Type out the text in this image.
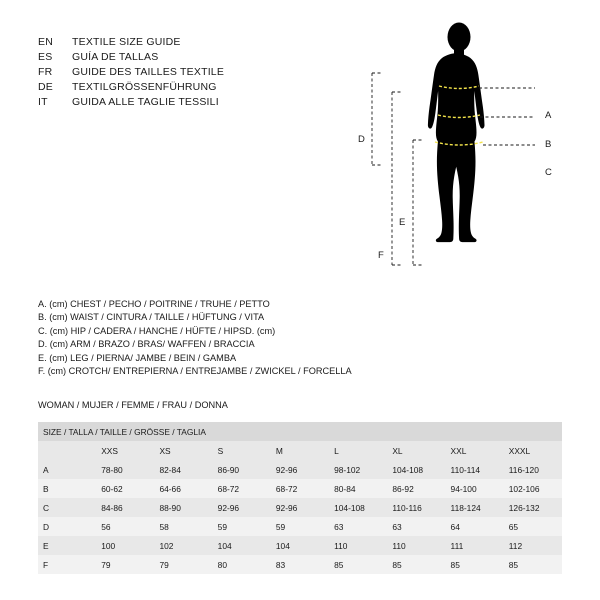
EN	TEXTILE SIZE GUIDE
ES	GUÍA DE TALLAS
FR	GUIDE DES TAILLES TEXTILE
DE	TEXTILGRÖSSENFÜHRUNG
IT	GUIDA ALLE TAGLIE TESSILI
A
B
C
D
E
F
A. (cm) CHEST / PECHO / POITRINE / TRUHE / PETTO
B. (cm) WAIST / CINTURA / TAILLE / HÜFTUNG / VITA
C. (cm) HIP / CADERA / HANCHE / HÜFTE / HIPSD. (cm)
D. (cm) ARM / BRAZO / BRAS/ WAFFEN / BRACCIA
E. (cm) LEG / PIERNA/ JAMBE / BEIN / GAMBA
F. (cm) CROTCH/ ENTREPIERNA / ENTREJAMBE / ZWICKEL / FORCELLA
WOMAN / MUJER / FEMME / FRAU / DONNA
SIZE / TALLA / TAILLE / GRÖSSE / TAGLIA								
	XXS	XS	S	M	L	XL	XXL	XXXL
A	78-80	82-84	86-90	92-96	98-102	104-108	110-114	116-120
B	60-62	64-66	68-72	68-72	80-84	86-92	94-100	102-106
C	84-86	88-90	92-96	92-96	104-108	110-116	118-124	126-132
D	56	58	59	59	63	63	64	65
E	100	102	104	104	110	110	111	112
F	79	79	80	83	85	85	85	85
